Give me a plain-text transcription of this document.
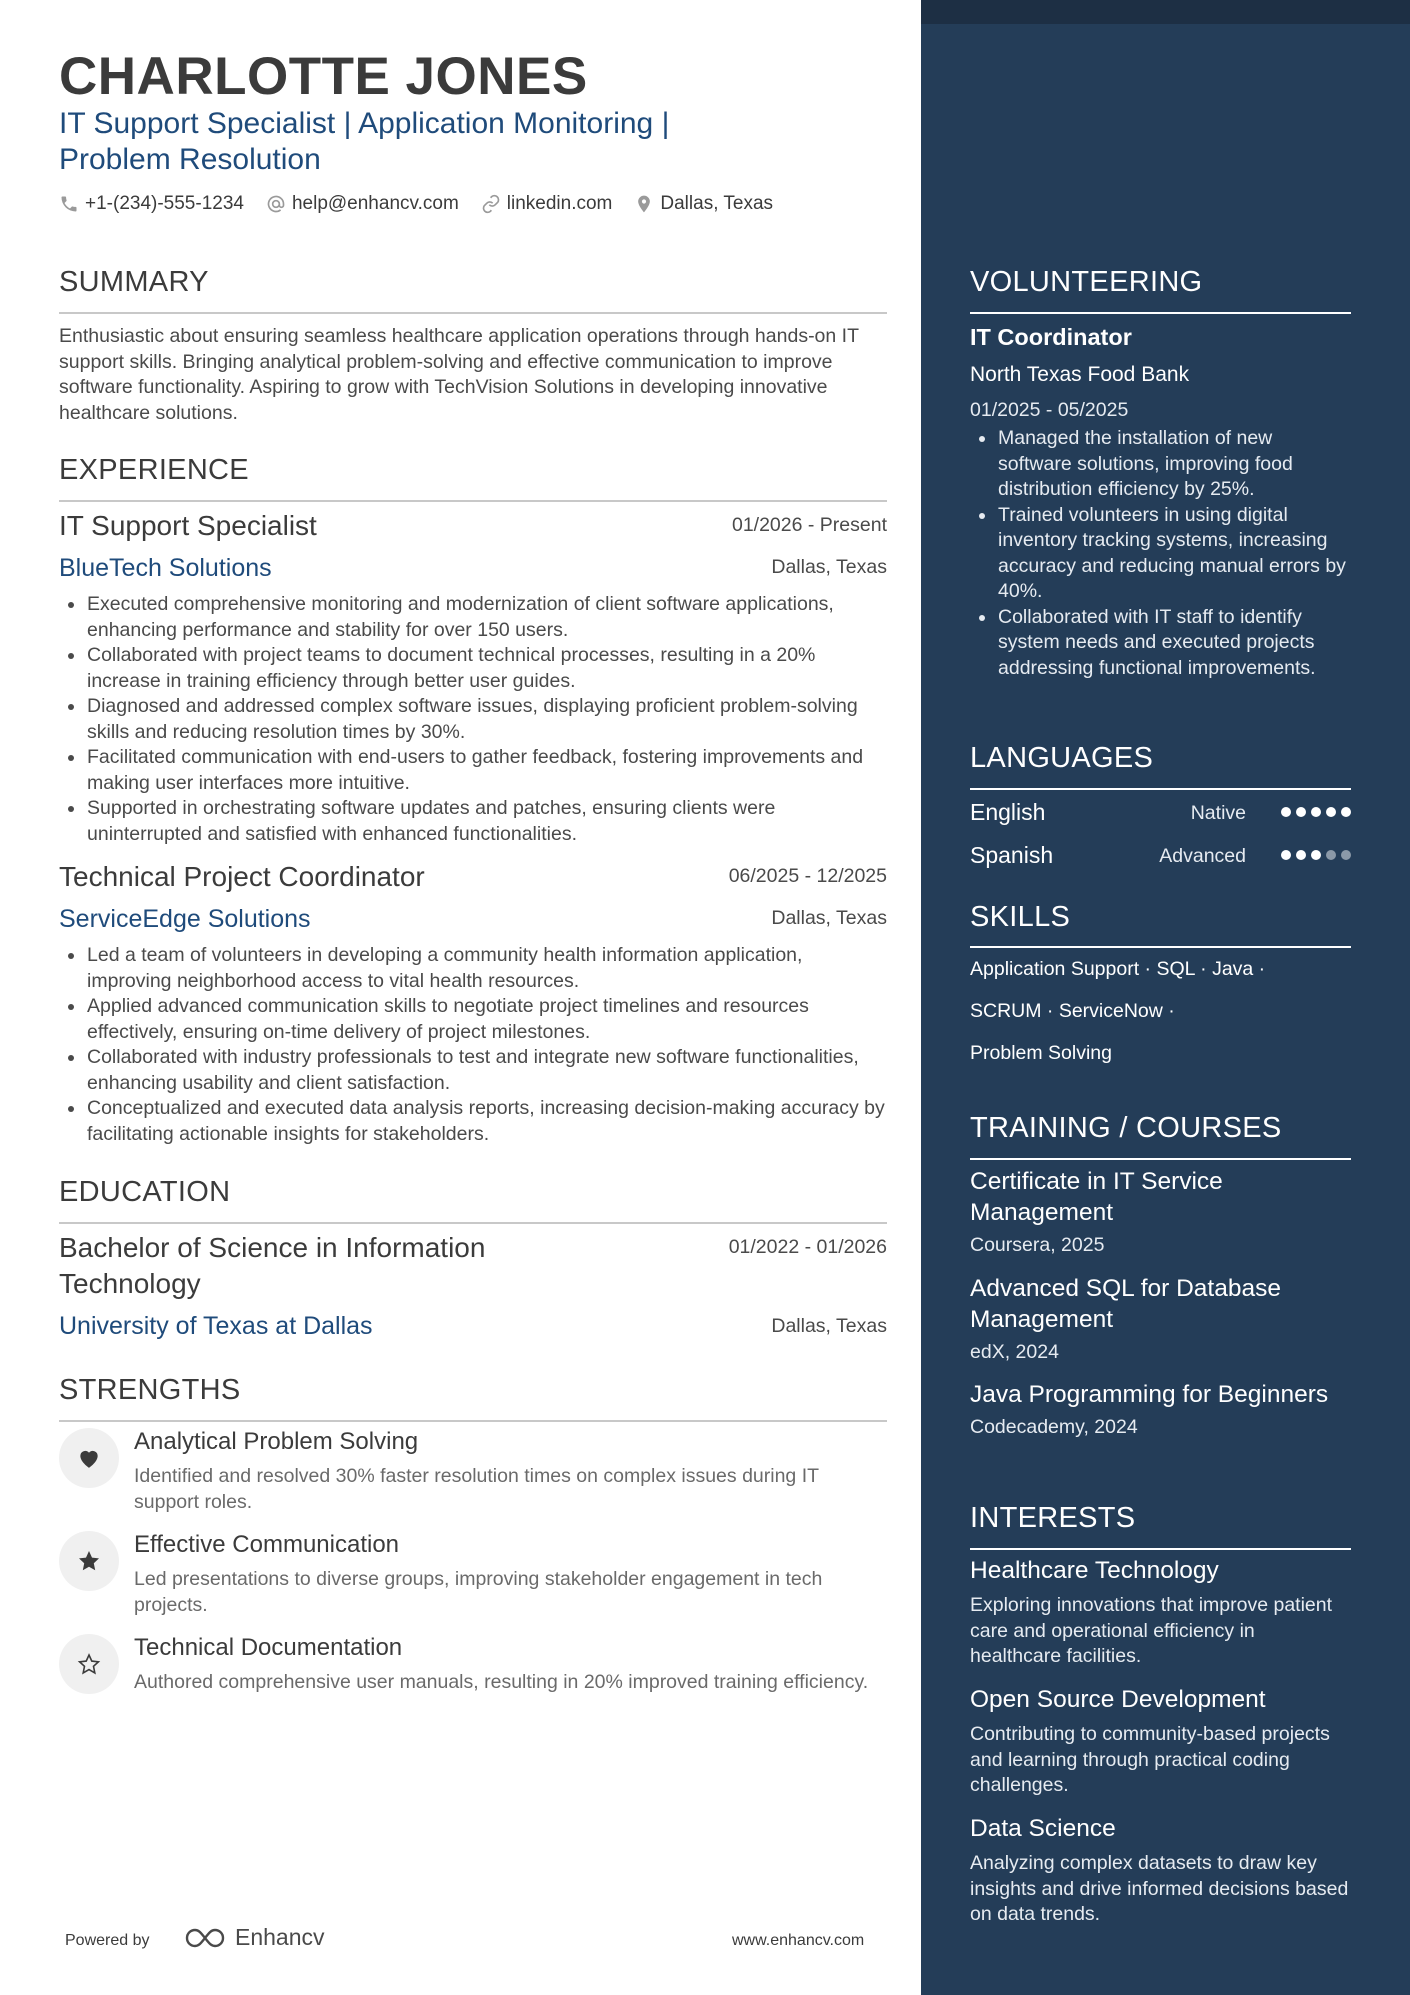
CHARLOTTE JONES
IT Support Specialist | Application Monitoring | Problem Resolution
+1-(234)-555-1234	help@enhancv.com	linkedin.com	Dallas, Texas
SUMMARY
Enthusiastic about ensuring seamless healthcare application operations through hands-on IT support skills. Bringing analytical problem-solving and effective communication to improve software functionality. Aspiring to grow with TechVision Solutions in developing innovative healthcare solutions.
EXPERIENCE
IT Support Specialist	01/2026 - Present
BlueTech Solutions	Dallas, Texas
Executed comprehensive monitoring and modernization of client software applications, enhancing performance and stability for over 150 users.
Collaborated with project teams to document technical processes, resulting in a 20% increase in training efficiency through better user guides.
Diagnosed and addressed complex software issues, displaying proficient problem-solving skills and reducing resolution times by 30%.
Facilitated communication with end-users to gather feedback, fostering improvements and making user interfaces more intuitive.
Supported in orchestrating software updates and patches, ensuring clients were uninterrupted and satisfied with enhanced functionalities.
Technical Project Coordinator	06/2025 - 12/2025
ServiceEdge Solutions	Dallas, Texas
Led a team of volunteers in developing a community health information application, improving neighborhood access to vital health resources.
Applied advanced communication skills to negotiate project timelines and resources effectively, ensuring on-time delivery of project milestones.
Collaborated with industry professionals to test and integrate new software functionalities, enhancing usability and client satisfaction.
Conceptualized and executed data analysis reports, increasing decision-making accuracy by facilitating actionable insights for stakeholders.
EDUCATION
Bachelor of Science in Information Technology
01/2022 - 01/2026
University of Texas at Dallas	Dallas, Texas
STRENGTHS
Analytical Problem Solving
Identified and resolved 30% faster resolution times on complex issues during IT support roles.
Effective Communication
Led presentations to diverse groups, improving stakeholder engagement in tech projects.
Technical Documentation
Authored comprehensive user manuals, resulting in 20% improved training efficiency.
Powered by	Enhancv	www.enhancv.com
VOLUNTEERING
IT Coordinator
North Texas Food Bank
01/2025 - 05/2025
Managed the installation of new software solutions, improving food distribution efficiency by 25%.
Trained volunteers in using digital inventory tracking systems, increasing accuracy and reducing manual errors by 40%.
Collaborated with IT staff to identify system needs and executed projects addressing functional improvements.
LANGUAGES
English	Native
Spanish	Advanced
SKILLS
Application Support · SQL · Java ·
SCRUM · ServiceNow ·
Problem Solving
TRAINING / COURSES
Certificate in IT Service Management
Coursera, 2025
Advanced SQL for Database Management
edX, 2024
Java Programming for Beginners
Codecademy, 2024
INTERESTS
Healthcare Technology
Exploring innovations that improve patient care and operational efficiency in healthcare facilities.
Open Source Development
Contributing to community-based projects and learning through practical coding challenges.
Data Science
Analyzing complex datasets to draw key insights and drive informed decisions based on data trends.
